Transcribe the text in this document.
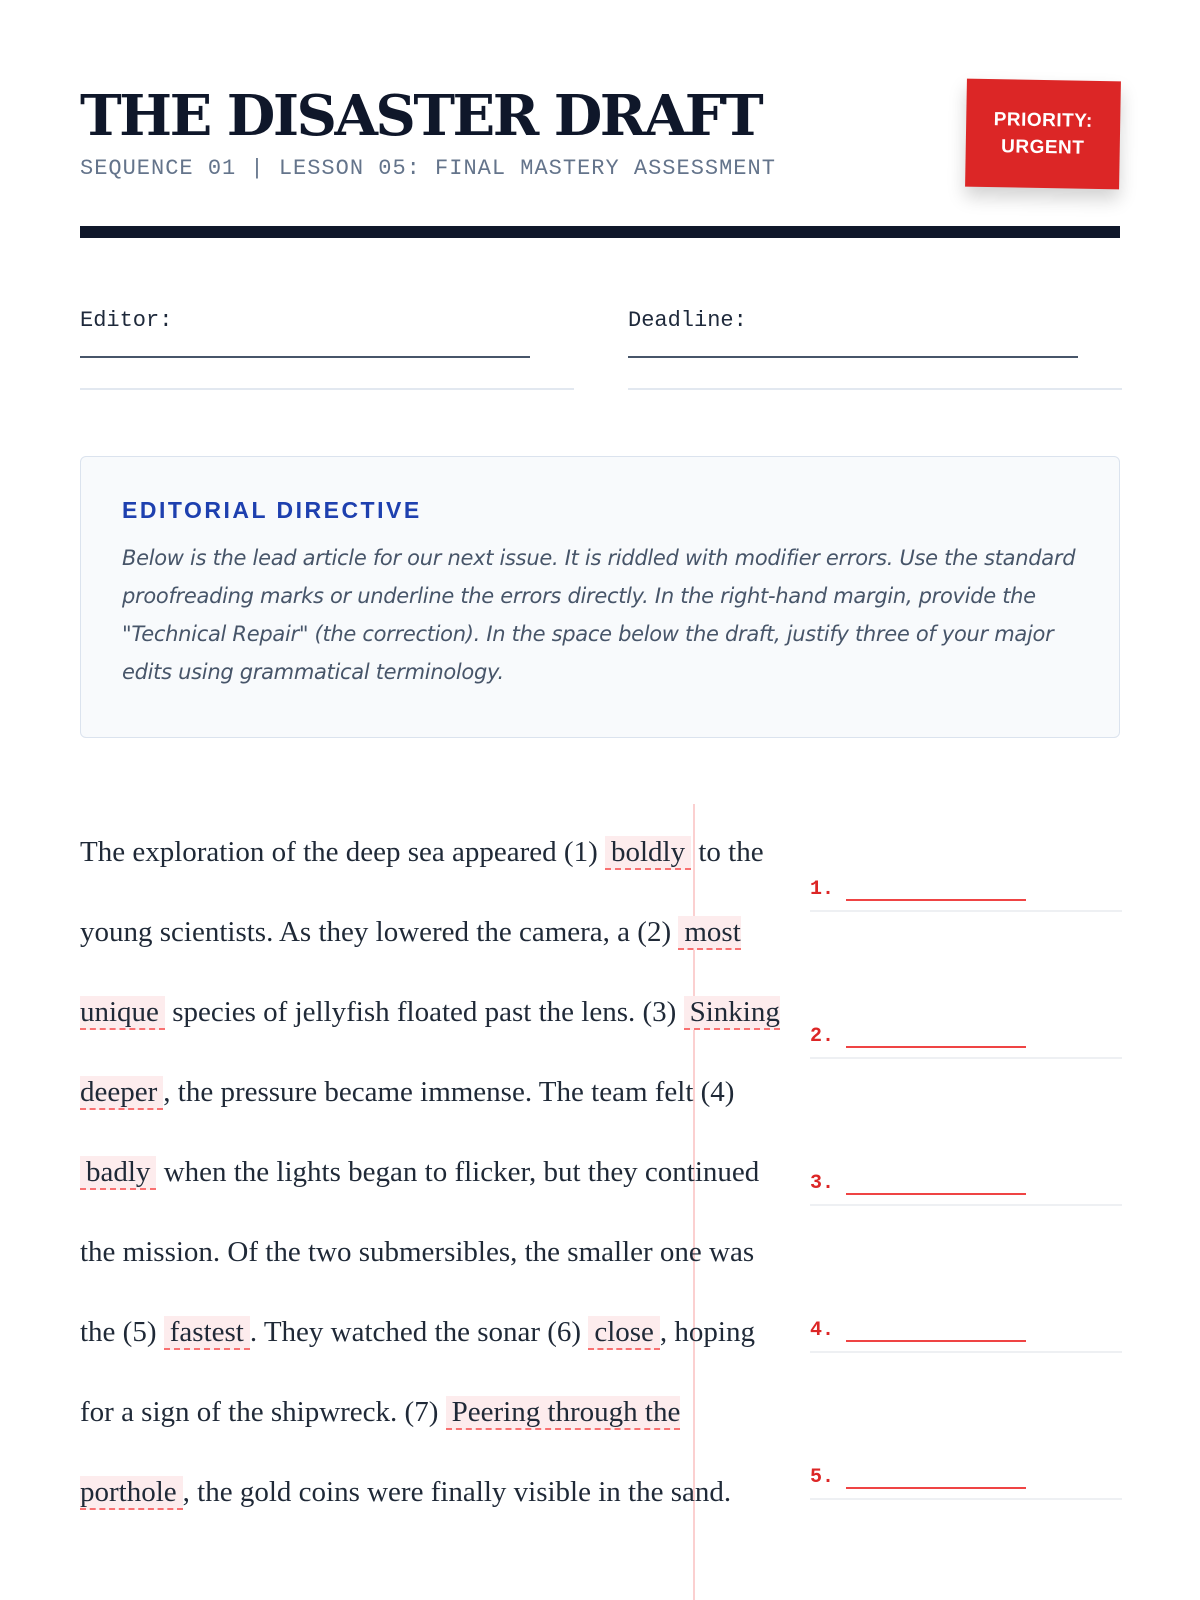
THE DISASTER DRAFT
SEQUENCE 01 | LESSON 05: FINAL MASTERY ASSESSMENT
PRIORITY:
URGENT
Editor:	Deadline:
EDITORIAL DIRECTIVE
Below is the lead article for our next issue. It is riddled with modifier errors. Use the standard proofreading marks or underline the errors directly. In the right-hand margin, provide the "Technical Repair" (the correction). In the space below the draft, justify three of your major edits using grammatical terminology.
The exploration of the deep sea appeared (1) boldly to the young scientists. As they lowered the camera, a (2) most unique species of jellyfish floated past the lens. (3) Sinking deeper , the pressure became immense. The team felt (4) badly when the lights began to flicker, but they continued the mission. Of the two submersibles, the smaller one was the (5) fastest . They watched the sonar (6) close , hoping for a sign of the shipwreck. (7) Peering through the porthole , the gold coins were finally visible in the sand.
1.
2.
3.
4.
5.
